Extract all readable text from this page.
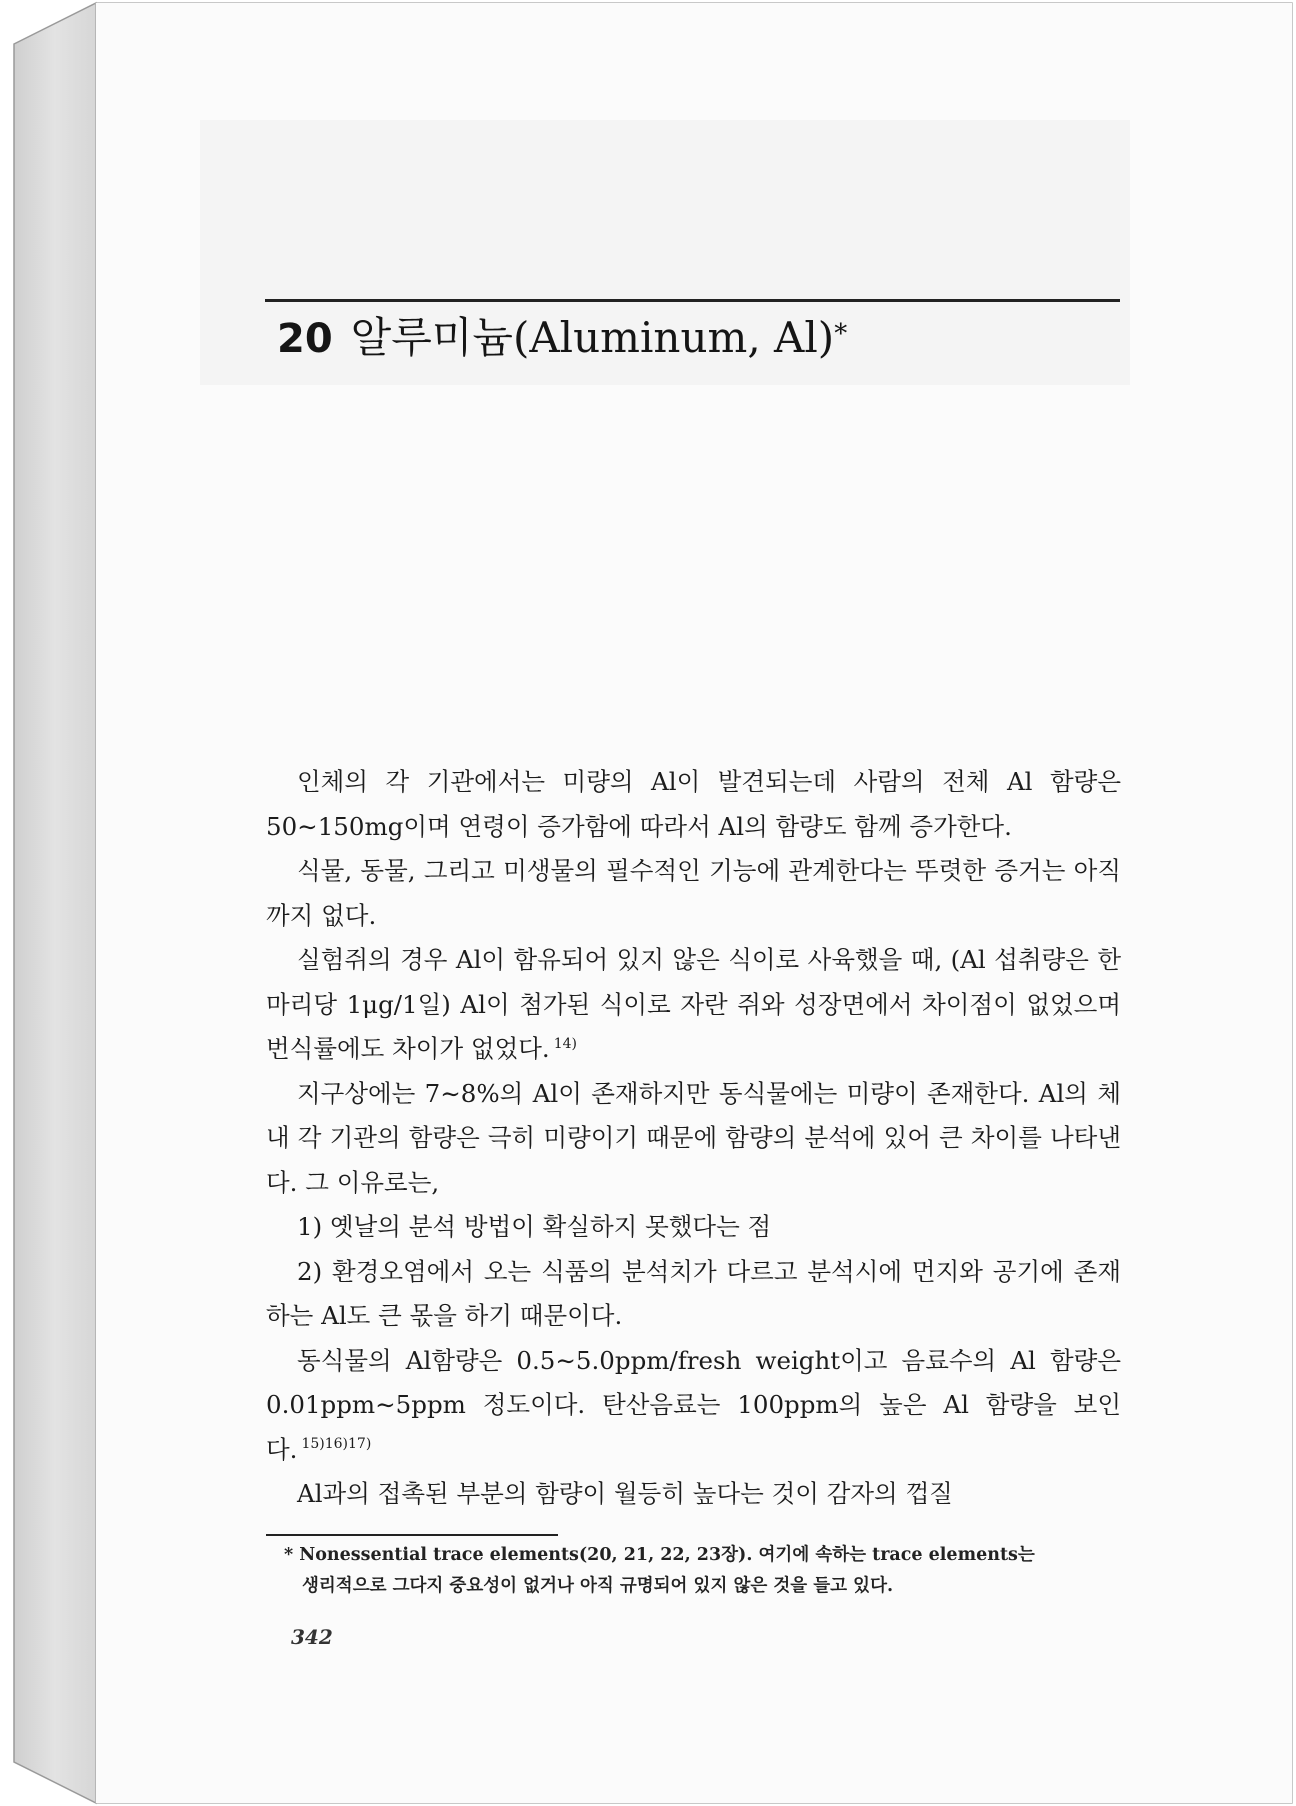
20 알루미늄(Aluminum, Al)*

인체의 각 기관에서는 미량의 Al이 발견되는데 사람의 전체 Al 함량은 50∼150mg이며 연령이 증가함에 따라서 Al의 함량도 함께 증가한다.

식물, 동물, 그리고 미생물의 필수적인 기능에 관계한다는 뚜렷한 증거는 아직까지 없다.

실험쥐의 경우 Al이 함유되어 있지 않은 식이로 사육했을 때, (Al 섭취량은 한 마리당 1μg/1일) Al이 첨가된 식이로 자란 쥐와 성장면에서 차이점이 없었으며 번식률에도 차이가 없었다. $^{14)}$

지구상에는 7∼8%의 Al이 존재하지만 동식물에는 미량이 존재한다. Al의 체내 각 기관의 함량은 극히 미량이기 때문에 함량의 분석에 있어 큰 차이를 나타낸다. 그 이유로는,

1) 옛날의 분석 방법이 확실하지 못했다는 점

2) 환경오염에서 오는 식품의 분석치가 다르고 분석시에 먼지와 공기에 존재하는 Al도 큰 몫을 하기 때문이다.

동식물의 Al함량은 0.5∼5.0ppm/fresh weight이고 음료수의 Al 함량은 0.01ppm∼5ppm 정도이다. 탄산음료는 100ppm의 높은 Al 함량을 보인다. $^{15)16)17)}$

Al과의 접촉된 부분의 함량이 월등히 높다는 것이 감자의 껍질

* Nonessential trace elements(20, 21, 22, 23장). 여기에 속하는 trace elements는

생리적으로 그다지 중요성이 없거나 아직 규명되어 있지 않은 것을 들고 있다.

342
